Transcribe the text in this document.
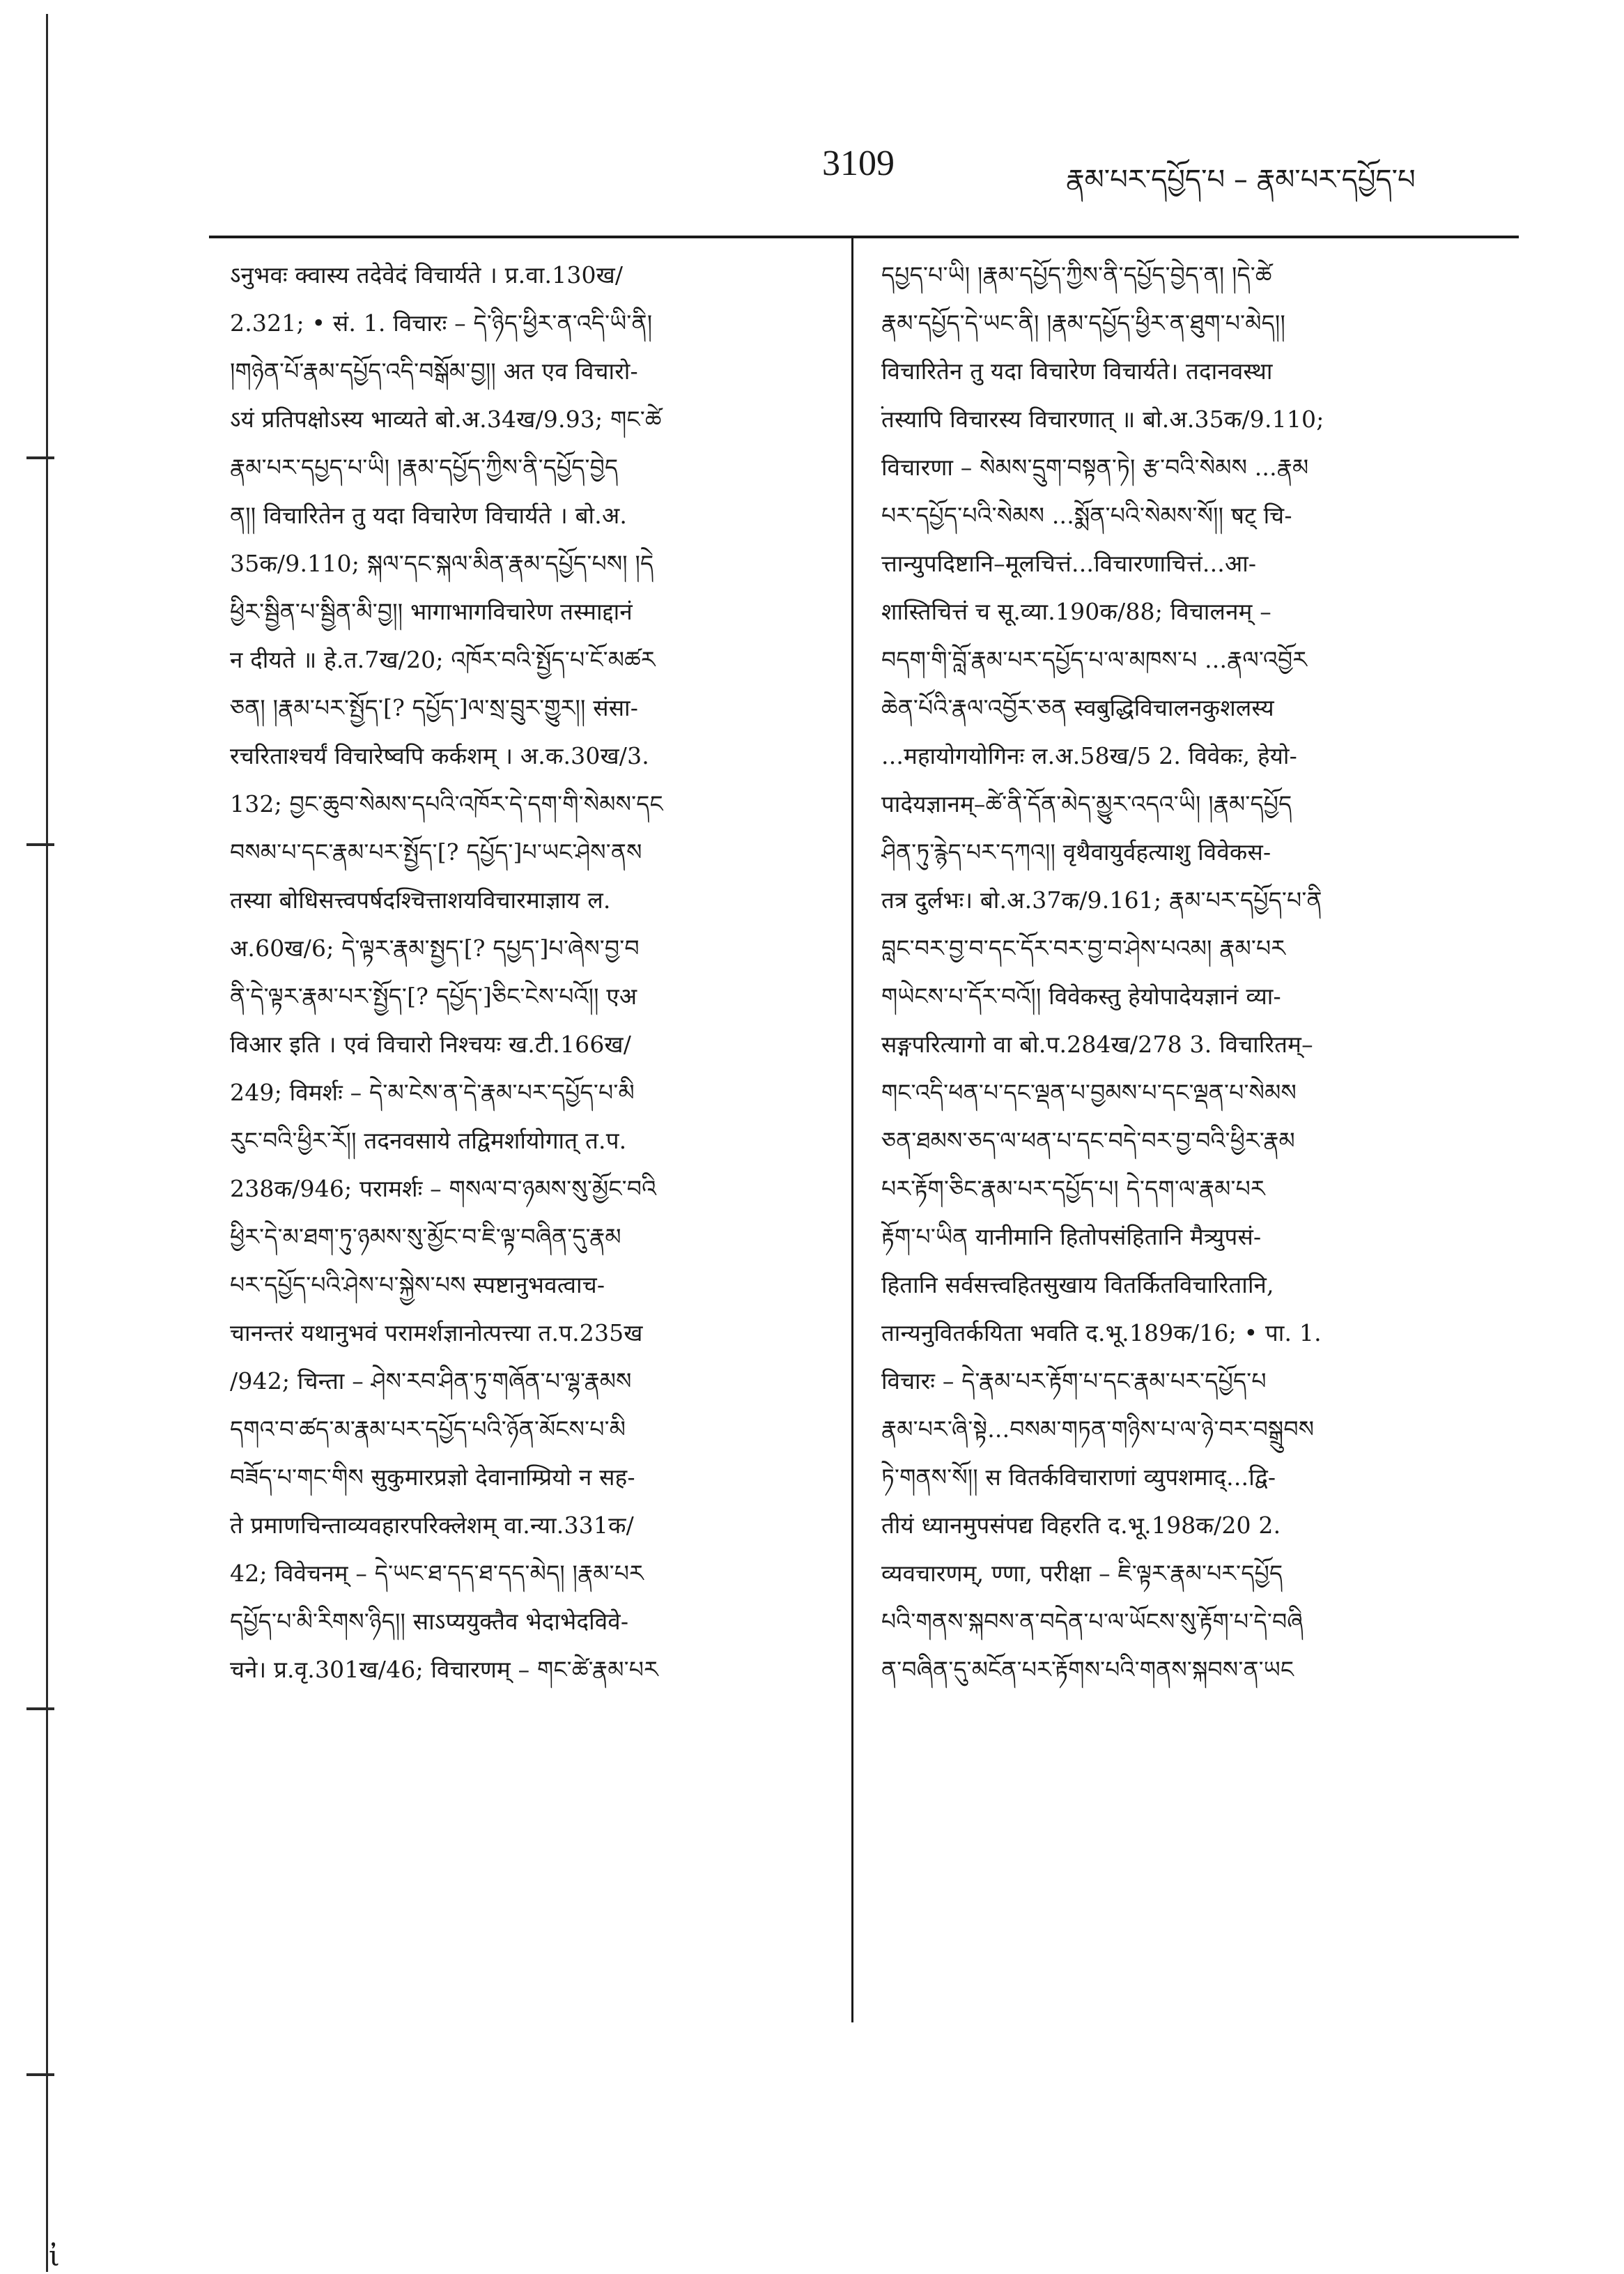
.
ἰ
3109	རྣམ་པར་དཔྱོད་པ – རྣམ་པར་དཔྱོད་པ
ऽनुभवः क्वास्य तदेवेदं विचार्यते । प्र.वा.130ख/
2.321; • सं. 1. विचारः – དེ་ཉིད་ཕྱིར་ན་འདི་ཡི་ནི།
།གཉེན་པོ་རྣམ་དཔྱོད་འདི་བསྒོམ་བྱ།། अत एव विचारो-
ऽयं प्रतिपक्षोऽस्य भाव्यते बो.अ.34ख/9.93; གང་ཚེ
རྣམ་པར་དཔྱད་པ་ཡི། །རྣམ་དཔྱོད་ཀྱིས་ནི་དཔྱོད་བྱེད
ན།། विचारितेन तु यदा विचारेण विचार्यते । बो.अ.
35क/9.110; སྐལ་དང་སྐལ་མིན་རྣམ་དཔྱོད་པས། །དེ
ཕྱིར་སྦྱིན་པ་སྦྱིན་མི་བྱ།། भागाभागविचारेण तस्माद्दानं
न दीयते ॥ हे.त.7ख/20; འཁོར་བའི་སྤྱོད་པ་ངོ་མཚར
ཅན། །རྣམ་པར་སྤྱོད་[? དཔྱོད་]ལ་སྲ་བྲུར་གྱུར།། संसा-
रचरिताश्चर्यं विचारेष्वपि कर्कशम् । अ.क.30ख/3.
132; བྱང་ཆུབ་སེམས་དཔའི་འཁོར་དེ་དག་གི་སེམས་དང
བསམ་པ་དང་རྣམ་པར་སྤྱོད་[? དཔྱོད་]པ་ཡང་ཤེས་ནས
तस्या बोधिसत्त्वपर्षदश्चित्ताशयविचारमाज्ञाय ल.
अ.60ख/6; དེ་ལྟར་རྣམ་སྤྱད་[? དཔྱད་]པ་ཞེས་བྱ་བ
ནི་དེ་ལྟར་རྣམ་པར་སྤྱོད་[? དཔྱོད་]ཅིང་ངེས་པའོ།། एअ
विआर इति । एवं विचारो निश्चयः ख.टी.166ख/
249; विमर्शः – དེ་མ་ངེས་ན་དེ་རྣམ་པར་དཔྱོད་པ་མི
རུང་བའི་ཕྱིར་རོ།། तदनवसाये तद्विमर्शायोगात् त.प.
238क/946; परामर्शः – གསལ་བ་ཉམས་སུ་མྱོང་བའི
ཕྱིར་དེ་མ་ཐག་ཏུ་ཉམས་སུ་མྱོང་བ་ཇི་ལྟ་བཞིན་དུ་རྣམ
པར་དཔྱོད་པའི་ཤེས་པ་སྐྱེས་པས स्पष्टानुभवत्वाच-
चानन्तरं यथानुभवं परामर्शज्ञानोत्पत्त्या त.प.235ख
/942; चिन्ता – ཤེས་རབ་ཤིན་ཏུ་གཞོན་པ་ལྷ་རྣམས
དགའ་བ་ཚད་མ་རྣམ་པར་དཔྱོད་པའི་ཉོན་མོངས་པ་མི
བཟོད་པ་གང་གིས सुकुमारप्रज्ञो देवानाम्प्रियो न सह-
ते प्रमाणचिन्ताव्यवहारपरिक्लेशम् वा.न्या.331क/
42; विवेचनम् – དེ་ཡང་ཐ་དད་ཐ་དད་མེད། །རྣམ་པར
དཔྱོད་པ་མི་རིགས་ཉིད།། साऽप्ययुक्तैव भेदाभेदविवे-
चने। प्र.वृ.301ख/46; विचारणम् – གང་ཚེ་རྣམ་པར
དཔྱད་པ་ཡི། །རྣམ་དཔྱོད་ཀྱིས་ནི་དཔྱོད་བྱེད་ན། །དེ་ཚེ
རྣམ་དཔྱོད་དེ་ཡང་ནི། །རྣམ་དཔྱོད་ཕྱིར་ན་ཐུག་པ་མེད།།
विचारितेन तु यदा विचारेण विचार्यते। तदानवस्था
तस्यापि विचारस्य विचारणात् ॥ बो.अ.35क/9.110;
विचारणा – སེམས་དྲུག་བསྟན་ཏེ། རྩ་བའི་སེམས ...རྣམ
པར་དཔྱོད་པའི་སེམས ...སྨོན་པའི་སེམས་སོ།། षट् चि-
त्तान्युपदिष्टानि–मूलचित्तं...विचारणाचित्तं...आ-
शास्तिचित्तं च सू.व्या.190क/88; विचालनम् –
བདག་གི་བློ་རྣམ་པར་དཔྱོད་པ་ལ་མཁས་པ ...རྣལ་འབྱོར
ཆེན་པོའི་རྣལ་འབྱོར་ཅན स्वबुद्धिविचालनकुशलस्य
...महायोगयोगिनः ल.अ.58ख/5 2. विवेकः, हेयो-
पादेयज्ञानम्–ཚེ་ནི་དོན་མེད་མྱུར་འདའ་ཡི། །རྣམ་དཔྱོད
ཤིན་ཏུ་རྙེད་པར་དཀའ།། वृथैवायुर्वहत्याशु विवेकस-
तत्र दुर्लभः। बो.अ.37क/9.161; རྣམ་པར་དཔྱོད་པ་ནི
བླང་བར་བྱ་བ་དང་དོར་བར་བྱ་བ་ཤེས་པའམ། རྣམ་པར
གཡེངས་པ་དོར་བའོ།། विवेकस्तु हेयोपादेयज्ञानं व्या-
सङ्गपरित्यागो वा बो.प.284ख/278 3. विचारितम्–
གང་འདི་ཕན་པ་དང་ལྡན་པ་བྱམས་པ་དང་ལྡན་པ་སེམས
ཅན་ཐམས་ཅད་ལ་ཕན་པ་དང་བདེ་བར་བྱ་བའི་ཕྱིར་རྣམ
པར་རྟོག་ཅིང་རྣམ་པར་དཔྱོད་པ། དེ་དག་ལ་རྣམ་པར
རྟོག་པ་ཡིན यानीमानि हितोपसंहितानि मैत्र्युपसं-
हितानि सर्वसत्त्वहितसुखाय वितर्कितविचारितानि,
तान्यनुवितर्कयिता भवति द.भू.189क/16; • पा. 1.
विचारः – དེ་རྣམ་པར་རྟོག་པ་དང་རྣམ་པར་དཔྱོད་པ
རྣམ་པར་ཞི་སྟེ...བསམ་གཏན་གཉིས་པ་ལ་ཉེ་བར་བསྒྲུབས
ཏེ་གནས་སོ།། स वितर्कविचाराणां व्युपशमाद्...द्वि-
तीयं ध्यानमुपसंपद्य विहरति द.भू.198क/20 2.
व्यवचारणम्, ण्णा, परीक्षा – ཇི་ལྟར་རྣམ་པར་དཔྱོད
པའི་གནས་སྐབས་ན་བདེན་པ་ལ་ཡོངས་སུ་རྟོག་པ་དེ་བཞི
ན་བཞིན་དུ་མངོན་པར་རྟོགས་པའི་གནས་སྐབས་ན་ཡང
